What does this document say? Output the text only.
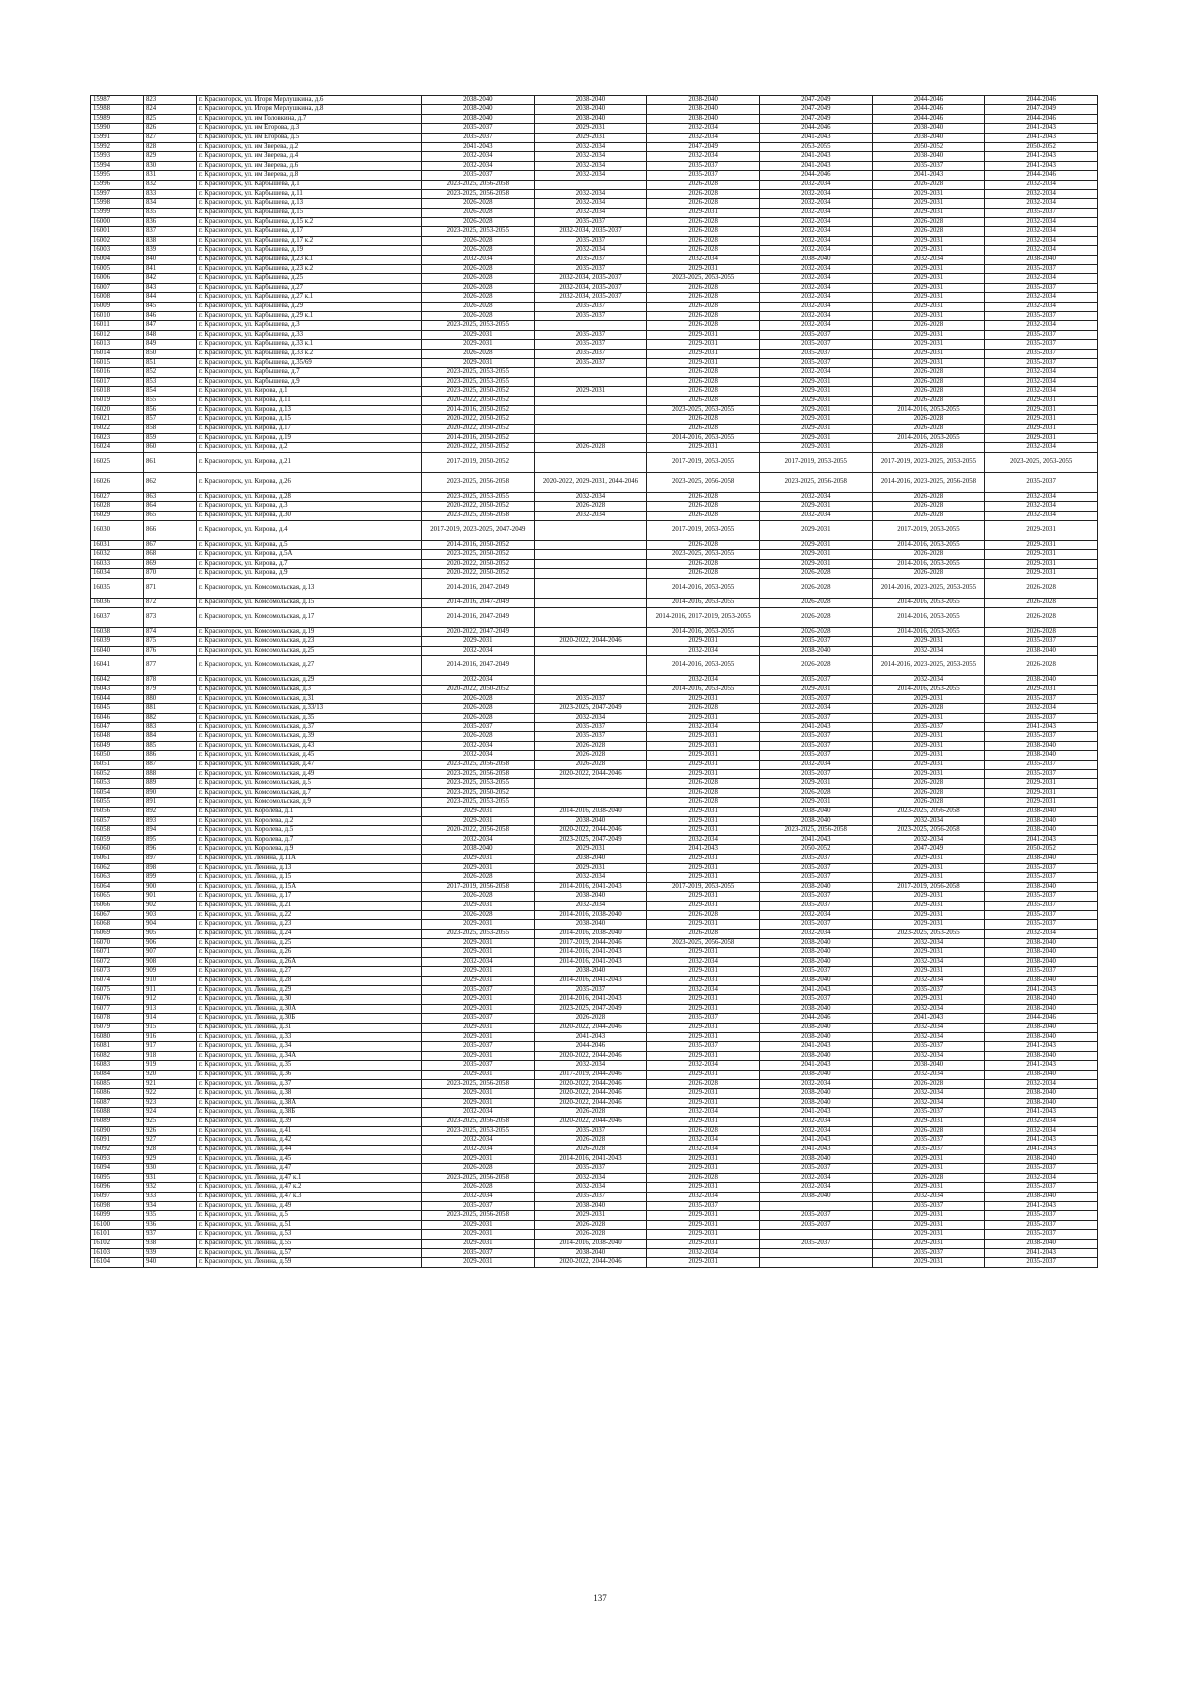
15987	823	г. Красногорск, ул. Игоря Мерлушкина, д.6	2038-2040	2038-2040	2038-2040	2047-2049	2044-2046	2044-2046
15988	824	г. Красногорск, ул. Игоря Мерлушкина, д.8	2038-2040	2038-2040	2038-2040	2047-2049	2044-2046	2047-2049
15989	825	г. Красногорск, ул. им Головкина, д.7	2038-2040	2038-2040	2038-2040	2047-2049	2044-2046	2044-2046
15990	826	г. Красногорск, ул. им Егорова, д.3	2035-2037	2029-2031	2032-2034	2044-2046	2038-2040	2041-2043
15991	827	г. Красногорск, ул. им Егорова, д.5	2035-2037	2029-2031	2032-2034	2041-2043	2038-2040	2041-2043
15992	828	г. Красногорск, ул. им Зверева, д.2	2041-2043	2032-2034	2047-2049	2053-2055	2050-2052	2050-2052
15993	829	г. Красногорск, ул. им Зверева, д.4	2032-2034	2032-2034	2032-2034	2041-2043	2038-2040	2041-2043
15994	830	г. Красногорск, ул. им Зверева, д.6	2032-2034	2032-2034	2035-2037	2041-2043	2035-2037	2041-2043
15995	831	г. Красногорск, ул. им Зверева, д.8	2035-2037	2032-2034	2035-2037	2044-2046	2041-2043	2044-2046
15996	832	г. Красногорск, ул. Карбышева, д.1	2023-2025, 2056-2058		2026-2028	2032-2034	2026-2028	2032-2034
15997	833	г. Красногорск, ул. Карбышева, д.11	2023-2025, 2056-2058	2032-2034	2026-2028	2032-2034	2029-2031	2032-2034
15998	834	г. Красногорск, ул. Карбышева, д.13	2026-2028	2032-2034	2026-2028	2032-2034	2029-2031	2032-2034
15999	835	г. Красногорск, ул. Карбышева, д.15	2026-2028	2032-2034	2029-2031	2032-2034	2029-2031	2035-2037
16000	836	г. Красногорск, ул. Карбышева, д.15 к.2	2026-2028	2035-2037	2026-2028	2032-2034	2026-2028	2032-2034
16001	837	г. Красногорск, ул. Карбышева, д.17	2023-2025, 2053-2055	2032-2034, 2035-2037	2026-2028	2032-2034	2026-2028	2032-2034
16002	838	г. Красногорск, ул. Карбышева, д.17 к.2	2026-2028	2035-2037	2026-2028	2032-2034	2029-2031	2032-2034
16003	839	г. Красногорск, ул. Карбышева, д.19	2026-2028	2032-2034	2026-2028	2032-2034	2029-2031	2032-2034
16004	840	г. Красногорск, ул. Карбышева, д.23 к.1	2032-2034	2035-2037	2032-2034	2038-2040	2032-2034	2038-2040
16005	841	г. Красногорск, ул. Карбышева, д.23 к.2	2026-2028	2035-2037	2029-2031	2032-2034	2029-2031	2035-2037
16006	842	г. Красногорск, ул. Карбышева, д.25	2026-2028	2032-2034, 2035-2037	2023-2025, 2053-2055	2032-2034	2029-2031	2032-2034
16007	843	г. Красногорск, ул. Карбышева, д.27	2026-2028	2032-2034, 2035-2037	2026-2028	2032-2034	2029-2031	2035-2037
16008	844	г. Красногорск, ул. Карбышева, д.27 к.1	2026-2028	2032-2034, 2035-2037	2026-2028	2032-2034	2029-2031	2032-2034
16009	845	г. Красногорск, ул. Карбышева, д.29	2026-2028	2035-2037	2026-2028	2032-2034	2029-2031	2032-2034
16010	846	г. Красногорск, ул. Карбышева, д.29 к.1	2026-2028	2035-2037	2026-2028	2032-2034	2029-2031	2035-2037
16011	847	г. Красногорск, ул. Карбышева, д.3	2023-2025, 2053-2055		2026-2028	2032-2034	2026-2028	2032-2034
16012	848	г. Красногорск, ул. Карбышева, д.33	2029-2031	2035-2037	2029-2031	2035-2037	2029-2031	2035-2037
16013	849	г. Красногорск, ул. Карбышева, д.33 к.1	2029-2031	2035-2037	2029-2031	2035-2037	2029-2031	2035-2037
16014	850	г. Красногорск, ул. Карбышева, д.33 к.2	2026-2028	2035-2037	2029-2031	2035-2037	2029-2031	2035-2037
16015	851	г. Красногорск, ул. Карбышева, д.35/69	2029-2031	2035-2037	2029-2031	2035-2037	2029-2031	2035-2037
16016	852	г. Красногорск, ул. Карбышева, д.7	2023-2025, 2053-2055		2026-2028	2032-2034	2026-2028	2032-2034
16017	853	г. Красногорск, ул. Карбышева, д.9	2023-2025, 2053-2055		2026-2028	2029-2031	2026-2028	2032-2034
16018	854	г. Красногорск, ул. Кирова, д.1	2023-2025, 2050-2052	2029-2031	2026-2028	2029-2031	2026-2028	2032-2034
16019	855	г. Красногорск, ул. Кирова, д.11	2020-2022, 2050-2052		2026-2028	2029-2031	2026-2028	2029-2031
16020	856	г. Красногорск, ул. Кирова, д.13	2014-2016, 2050-2052		2023-2025, 2053-2055	2029-2031	2014-2016, 2053-2055	2029-2031
16021	857	г. Красногорск, ул. Кирова, д.15	2020-2022, 2050-2052		2026-2028	2029-2031	2026-2028	2029-2031
16022	858	г. Красногорск, ул. Кирова, д.17	2020-2022, 2050-2052		2026-2028	2029-2031	2026-2028	2029-2031
16023	859	г. Красногорск, ул. Кирова, д.19	2014-2016, 2050-2052		2014-2016, 2053-2055	2029-2031	2014-2016, 2053-2055	2029-2031
16024	860	г. Красногорск, ул. Кирова, д.2	2020-2022, 2050-2052	2026-2028	2029-2031	2029-2031	2026-2028	2032-2034
16025	861	г. Красногорск, ул. Кирова, д.21	2017-2019, 2050-2052		2017-2019, 2053-2055	2017-2019, 2053-2055	2017-2019, 2023-2025, 2053-2055	2023-2025, 2053-2055
16026	862	г. Красногорск, ул. Кирова, д.26	2023-2025, 2056-2058	2020-2022, 2029-2031, 2044-2046	2023-2025, 2056-2058	2023-2025, 2056-2058	2014-2016, 2023-2025, 2056-2058	2035-2037
16027	863	г. Красногорск, ул. Кирова, д.28	2023-2025, 2053-2055	2032-2034	2026-2028	2032-2034	2026-2028	2032-2034
16028	864	г. Красногорск, ул. Кирова, д.3	2020-2022, 2050-2052	2026-2028	2026-2028	2029-2031	2026-2028	2032-2034
16029	865	г. Красногорск, ул. Кирова, д.30	2023-2025, 2056-2058	2032-2034	2026-2028	2032-2034	2026-2028	2032-2034
16030	866	г. Красногорск, ул. Кирова, д.4	2017-2019, 2023-2025, 2047-2049		2017-2019, 2053-2055	2029-2031	2017-2019, 2053-2055	2029-2031
16031	867	г. Красногорск, ул. Кирова, д.5	2014-2016, 2050-2052		2026-2028	2029-2031	2014-2016, 2053-2055	2029-2031
16032	868	г. Красногорск, ул. Кирова, д.5А	2023-2025, 2050-2052		2023-2025, 2053-2055	2029-2031	2026-2028	2029-2031
16033	869	г. Красногорск, ул. Кирова, д.7	2020-2022, 2050-2052		2026-2028	2029-2031	2014-2016, 2053-2055	2029-2031
16034	870	г. Красногорск, ул. Кирова, д.9	2020-2022, 2050-2052		2026-2028	2026-2028	2026-2028	2029-2031
16035	871	г. Красногорск, ул. Комсомольская, д.13	2014-2016, 2047-2049		2014-2016, 2053-2055	2026-2028	2014-2016, 2023-2025, 2053-2055	2026-2028
16036	872	г. Красногорск, ул. Комсомольская, д.15	2014-2016, 2047-2049		2014-2016, 2053-2055	2026-2028	2014-2016, 2053-2055	2026-2028
16037	873	г. Красногорск, ул. Комсомольская, д.17	2014-2016, 2047-2049		2014-2016, 2017-2019, 2053-2055	2026-2028	2014-2016, 2053-2055	2026-2028
16038	874	г. Красногорск, ул. Комсомольская, д.19	2020-2022, 2047-2049		2014-2016, 2053-2055	2026-2028	2014-2016, 2053-2055	2026-2028
16039	875	г. Красногорск, ул. Комсомольская, д.23	2029-2031	2020-2022, 2044-2046	2029-2031	2035-2037	2029-2031	2035-2037
16040	876	г. Красногорск, ул. Комсомольская, д.25	2032-2034		2032-2034	2038-2040	2032-2034	2038-2040
16041	877	г. Красногорск, ул. Комсомольская, д.27	2014-2016, 2047-2049		2014-2016, 2053-2055	2026-2028	2014-2016, 2023-2025, 2053-2055	2026-2028
16042	878	г. Красногорск, ул. Комсомольская, д.29	2032-2034		2032-2034	2035-2037	2032-2034	2038-2040
16043	879	г. Красногорск, ул. Комсомольская, д.3	2020-2022, 2050-2052		2014-2016, 2053-2055	2029-2031	2014-2016, 2053-2055	2029-2031
16044	880	г. Красногорск, ул. Комсомольская, д.31	2026-2028	2035-2037	2029-2031	2035-2037	2029-2031	2035-2037
16045	881	г. Красногорск, ул. Комсомольская, д.33/13	2026-2028	2023-2025, 2047-2049	2026-2028	2032-2034	2026-2028	2032-2034
16046	882	г. Красногорск, ул. Комсомольская, д.35	2026-2028	2032-2034	2029-2031	2035-2037	2029-2031	2035-2037
16047	883	г. Красногорск, ул. Комсомольская, д.37	2035-2037	2035-2037	2032-2034	2041-2043	2035-2037	2041-2043
16048	884	г. Красногорск, ул. Комсомольская, д.39	2026-2028	2035-2037	2029-2031	2035-2037	2029-2031	2035-2037
16049	885	г. Красногорск, ул. Комсомольская, д.43	2032-2034	2026-2028	2029-2031	2035-2037	2029-2031	2038-2040
16050	886	г. Красногорск, ул. Комсомольская, д.45	2032-2034	2026-2028	2029-2031	2035-2037	2029-2031	2038-2040
16051	887	г. Красногорск, ул. Комсомольская, д.47	2023-2025, 2056-2058	2026-2028	2029-2031	2032-2034	2029-2031	2035-2037
16052	888	г. Красногорск, ул. Комсомольская, д.49	2023-2025, 2056-2058	2020-2022, 2044-2046	2029-2031	2035-2037	2029-2031	2035-2037
16053	889	г. Красногорск, ул. Комсомольская, д.5	2023-2025, 2053-2055		2026-2028	2029-2031	2026-2028	2029-2031
16054	890	г. Красногорск, ул. Комсомольская, д.7	2023-2025, 2050-2052		2026-2028	2026-2028	2026-2028	2029-2031
16055	891	г. Красногорск, ул. Комсомольская, д.9	2023-2025, 2053-2055		2026-2028	2029-2031	2026-2028	2029-2031
16056	892	г. Красногорск, ул. Королева, д.1	2029-2031	2014-2016, 2038-2040	2029-2031	2038-2040	2023-2025, 2056-2058	2038-2040
16057	893	г. Красногорск, ул. Королева, д.2	2029-2031	2038-2040	2029-2031	2038-2040	2032-2034	2038-2040
16058	894	г. Красногорск, ул. Королева, д.5	2020-2022, 2056-2058	2020-2022, 2044-2046	2029-2031	2023-2025, 2056-2058	2023-2025, 2056-2058	2038-2040
16059	895	г. Красногорск, ул. Королева, д.7	2032-2034	2023-2025, 2047-2049	2032-2034	2041-2043	2032-2034	2041-2043
16060	896	г. Красногорск, ул. Королева, д.9	2038-2040	2029-2031	2041-2043	2050-2052	2047-2049	2050-2052
16061	897	г. Красногорск, ул. Ленина, д.11А	2029-2031	2038-2040	2029-2031	2035-2037	2029-2031	2038-2040
16062	898	г. Красногорск, ул. Ленина, д.13	2029-2031	2029-2031	2029-2031	2035-2037	2029-2031	2035-2037
16063	899	г. Красногорск, ул. Ленина, д.15	2026-2028	2032-2034	2029-2031	2035-2037	2029-2031	2035-2037
16064	900	г. Красногорск, ул. Ленина, д.15А	2017-2019, 2056-2058	2014-2016, 2041-2043	2017-2019, 2053-2055	2038-2040	2017-2019, 2056-2058	2038-2040
16065	901	г. Красногорск, ул. Ленина, д.17	2026-2028	2038-2040	2029-2031	2035-2037	2029-2031	2035-2037
16066	902	г. Красногорск, ул. Ленина, д.21	2029-2031	2032-2034	2029-2031	2035-2037	2029-2031	2035-2037
16067	903	г. Красногорск, ул. Ленина, д.22	2026-2028	2014-2016, 2038-2040	2026-2028	2032-2034	2029-2031	2035-2037
16068	904	г. Красногорск, ул. Ленина, д.23	2029-2031	2038-2040	2029-2031	2035-2037	2029-2031	2035-2037
16069	905	г. Красногорск, ул. Ленина, д.24	2023-2025, 2053-2055	2014-2016, 2038-2040	2026-2028	2032-2034	2023-2025, 2053-2055	2032-2034
16070	906	г. Красногорск, ул. Ленина, д.25	2029-2031	2017-2019, 2044-2046	2023-2025, 2056-2058	2038-2040	2032-2034	2038-2040
16071	907	г. Красногорск, ул. Ленина, д.26	2029-2031	2014-2016, 2041-2043	2029-2031	2038-2040	2029-2031	2038-2040
16072	908	г. Красногорск, ул. Ленина, д.26А	2032-2034	2014-2016, 2041-2043	2032-2034	2038-2040	2032-2034	2038-2040
16073	909	г. Красногорск, ул. Ленина, д.27	2029-2031	2038-2040	2029-2031	2035-2037	2029-2031	2035-2037
16074	910	г. Красногорск, ул. Ленина, д.28	2029-2031	2014-2016, 2041-2043	2029-2031	2038-2040	2032-2034	2038-2040
16075	911	г. Красногорск, ул. Ленина, д.29	2035-2037	2035-2037	2032-2034	2041-2043	2035-2037	2041-2043
16076	912	г. Красногорск, ул. Ленина, д.30	2029-2031	2014-2016, 2041-2043	2029-2031	2035-2037	2029-2031	2038-2040
16077	913	г. Красногорск, ул. Ленина, д.30А	2029-2031	2023-2025, 2047-2049	2029-2031	2038-2040	2032-2034	2038-2040
16078	914	г. Красногорск, ул. Ленина, д.30Б	2035-2037	2026-2028	2035-2037	2044-2046	2041-2043	2044-2046
16079	915	г. Красногорск, ул. Ленина, д.31	2029-2031	2020-2022, 2044-2046	2029-2031	2038-2040	2032-2034	2038-2040
16080	916	г. Красногорск, ул. Ленина, д.33	2029-2031	2041-2043	2029-2031	2038-2040	2032-2034	2038-2040
16081	917	г. Красногорск, ул. Ленина, д.34	2035-2037	2044-2046	2035-2037	2041-2043	2035-2037	2041-2043
16082	918	г. Красногорск, ул. Ленина, д.34А	2029-2031	2020-2022, 2044-2046	2029-2031	2038-2040	2032-2034	2038-2040
16083	919	г. Красногорск, ул. Ленина, д.35	2035-2037	2032-2034	2032-2034	2041-2043	2038-2040	2041-2043
16084	920	г. Красногорск, ул. Ленина, д.36	2029-2031	2017-2019, 2044-2046	2029-2031	2038-2040	2032-2034	2038-2040
16085	921	г. Красногорск, ул. Ленина, д.37	2023-2025, 2056-2058	2020-2022, 2044-2046	2026-2028	2032-2034	2026-2028	2032-2034
16086	922	г. Красногорск, ул. Ленина, д.38	2029-2031	2020-2022, 2044-2046	2029-2031	2038-2040	2032-2034	2038-2040
16087	923	г. Красногорск, ул. Ленина, д.38А	2029-2031	2020-2022, 2044-2046	2029-2031	2038-2040	2032-2034	2038-2040
16088	924	г. Красногорск, ул. Ленина, д.38Б	2032-2034	2026-2028	2032-2034	2041-2043	2035-2037	2041-2043
16089	925	г. Красногорск, ул. Ленина, д.39	2023-2025, 2056-2058	2020-2022, 2044-2046	2029-2031	2032-2034	2029-2031	2032-2034
16090	926	г. Красногорск, ул. Ленина, д.41	2023-2025, 2053-2055	2035-2037	2026-2028	2032-2034	2026-2028	2032-2034
16091	927	г. Красногорск, ул. Ленина, д.42	2032-2034	2026-2028	2032-2034	2041-2043	2035-2037	2041-2043
16092	928	г. Красногорск, ул. Ленина, д.44	2032-2034	2026-2028	2032-2034	2041-2043	2035-2037	2041-2043
16093	929	г. Красногорск, ул. Ленина, д.45	2029-2031	2014-2016, 2041-2043	2029-2031	2038-2040	2029-2031	2038-2040
16094	930	г. Красногорск, ул. Ленина, д.47	2026-2028	2035-2037	2029-2031	2035-2037	2029-2031	2035-2037
16095	931	г. Красногорск, ул. Ленина, д.47 к.1	2023-2025, 2056-2058	2032-2034	2026-2028	2032-2034	2026-2028	2032-2034
16096	932	г. Красногорск, ул. Ленина, д.47 к.2	2026-2028	2032-2034	2029-2031	2032-2034	2029-2031	2035-2037
16097	933	г. Красногорск, ул. Ленина, д.47 к.3	2032-2034	2035-2037	2032-2034	2038-2040	2032-2034	2038-2040
16098	934	г. Красногорск, ул. Ленина, д.49	2035-2037	2038-2040	2035-2037		2035-2037	2041-2043
16099	935	г. Красногорск, ул. Ленина, д.5	2023-2025, 2056-2058	2029-2031	2029-2031	2035-2037	2029-2031	2035-2037
16100	936	г. Красногорск, ул. Ленина, д.51	2029-2031	2026-2028	2029-2031	2035-2037	2029-2031	2035-2037
16101	937	г. Красногорск, ул. Ленина, д.53	2029-2031	2026-2028	2029-2031		2029-2031	2035-2037
16102	938	г. Красногорск, ул. Ленина, д.55	2029-2031	2014-2016, 2038-2040	2029-2031	2035-2037	2029-2031	2038-2040
16103	939	г. Красногорск, ул. Ленина, д.57	2035-2037	2038-2040	2032-2034		2035-2037	2041-2043
16104	940	г. Красногорск, ул. Ленина, д.59	2029-2031	2020-2022, 2044-2046	2029-2031		2029-2031	2035-2037
137
